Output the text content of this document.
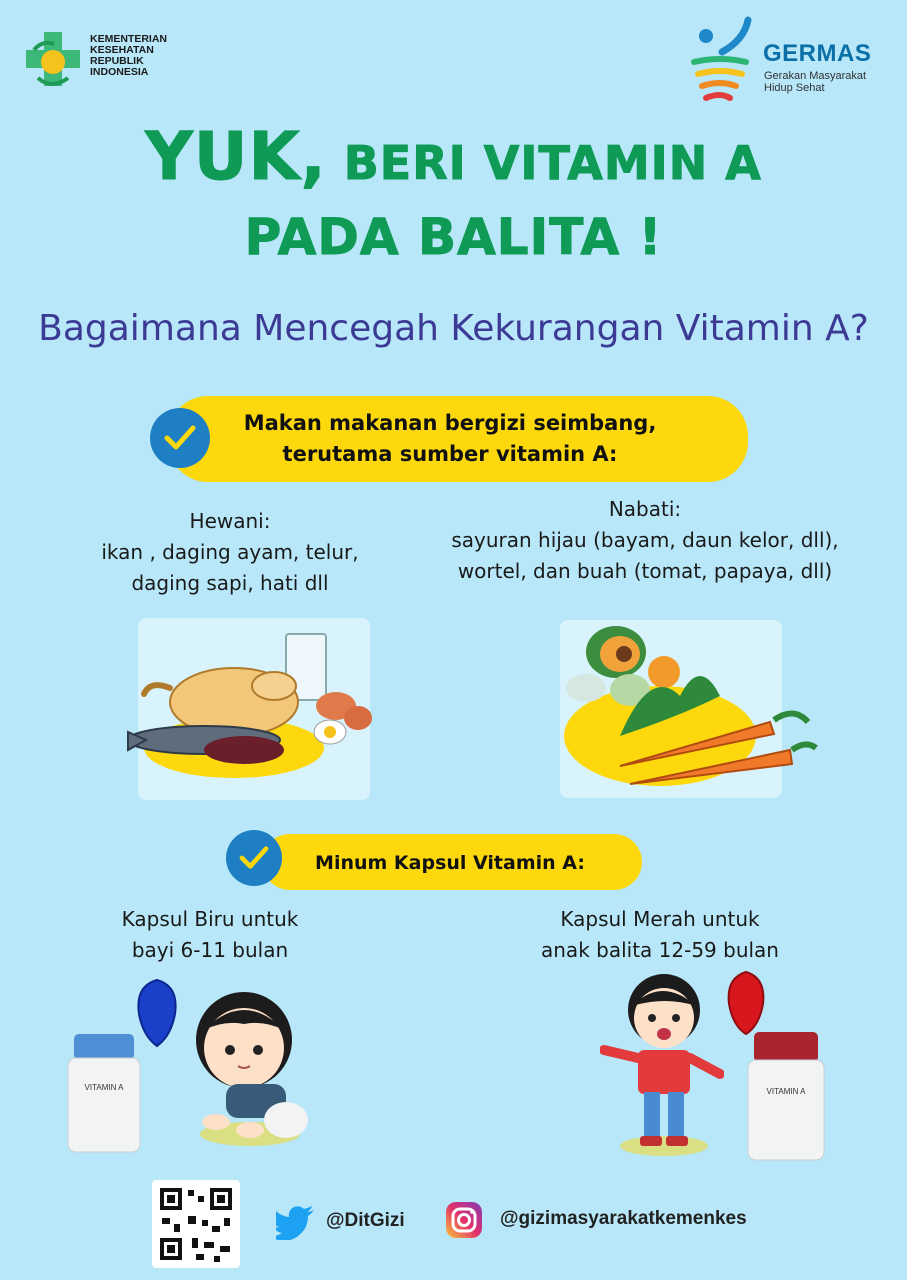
KEMENTERIAN
KESEHATAN
REPUBLIK
INDONESIA
GERMAS
Gerakan Masyarakat
Hidup Sehat
YUK, BERI VITAMIN A
PADA BALITA !
Bagaimana Mencegah Kekurangan Vitamin A?
Makan makanan bergizi seimbang,
terutama sumber vitamin A:
Hewani:
ikan , daging ayam, telur,
daging sapi, hati dll
Nabati:
sayuran hijau (bayam, daun kelor, dll),
wortel, dan buah (tomat, papaya, dll)
Minum Kapsul Vitamin A:
Kapsul Biru untuk
bayi 6-11 bulan
Kapsul Merah untuk
anak balita 12-59 bulan
VITAMIN A	VITAMIN A
@DitGizi	@gizimasyarakatkemenkes
